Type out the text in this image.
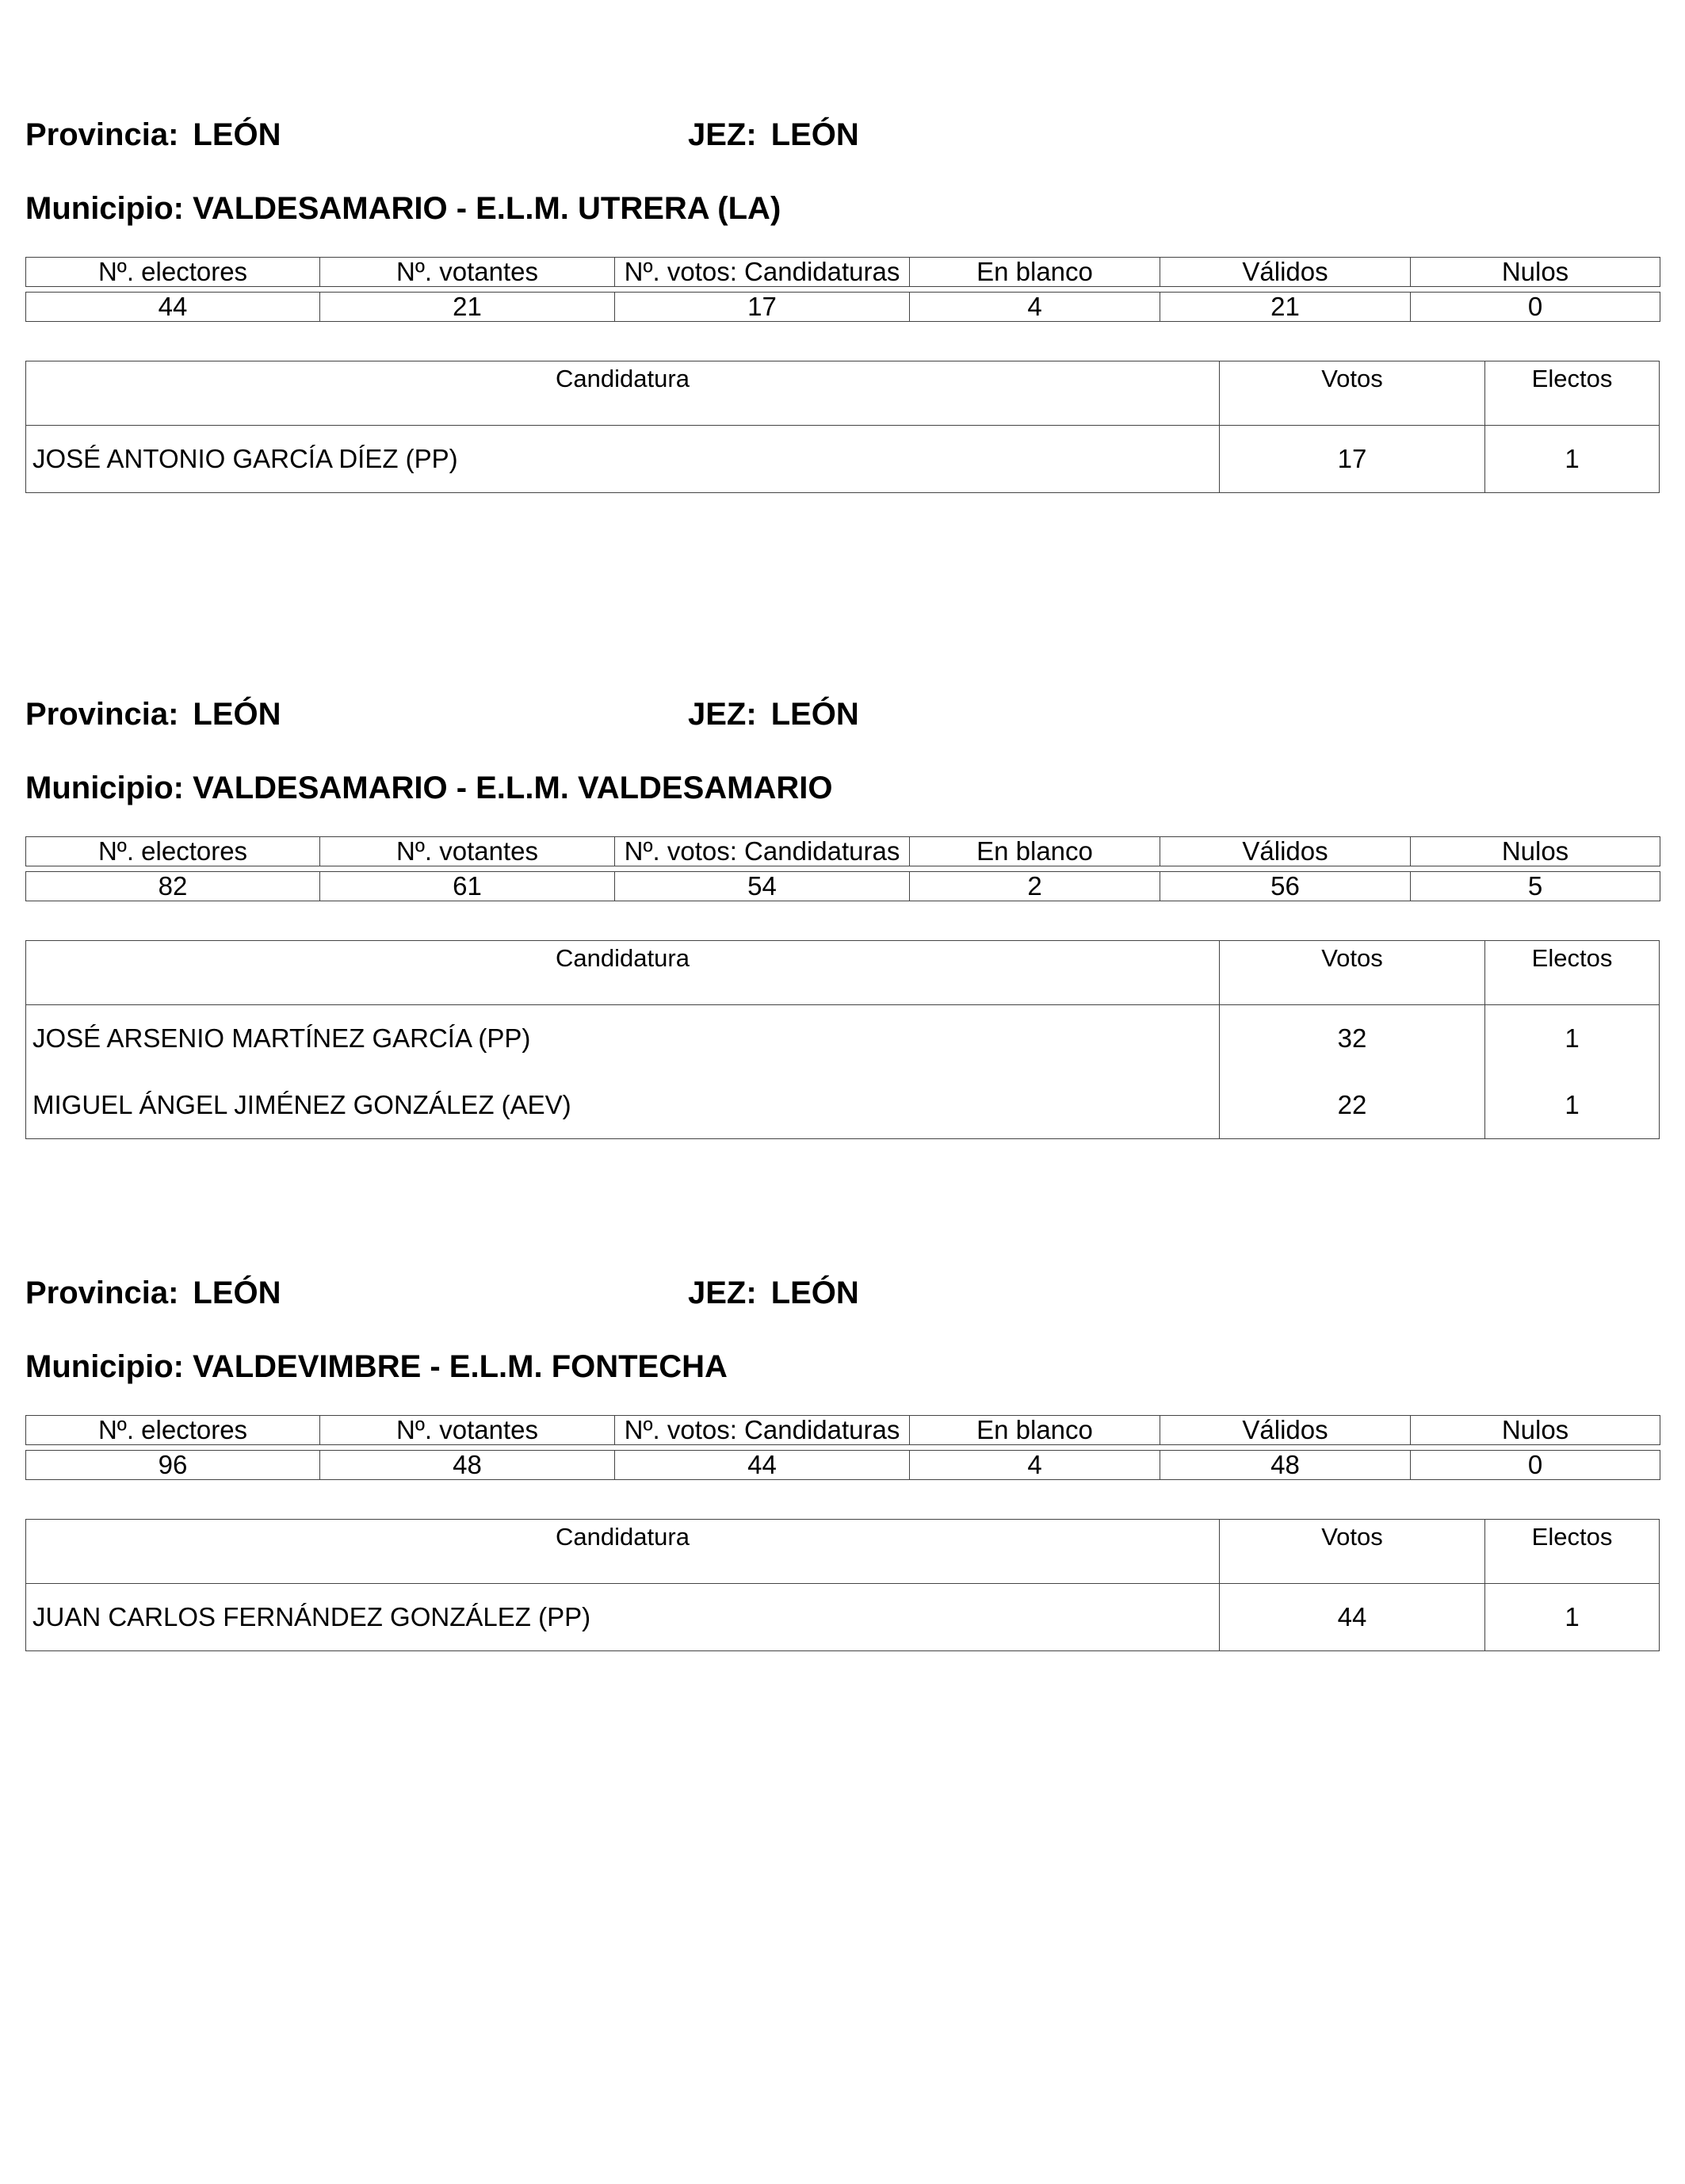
Provincia: LEÓN	JEZ: LEÓN
Municipio: VALDESAMARIO - E.L.M. UTRERA (LA)
Nº. electores	Nº. votantes	Nº. votos: Candidaturas	En blanco	Válidos	Nulos

44	21	17	4	21	0
Candidatura	Votos	Electos
JOSÉ ANTONIO GARCÍA DÍEZ (PP)	17	1
Provincia: LEÓN	JEZ: LEÓN
Municipio: VALDESAMARIO - E.L.M. VALDESAMARIO
Nº. electores	Nº. votantes	Nº. votos: Candidaturas	En blanco	Válidos	Nulos

82	61	54	2	56	5
Candidatura	Votos	Electos
JOSÉ ARSENIO MARTÍNEZ GARCÍA (PP)	32	1
MIGUEL ÁNGEL JIMÉNEZ GONZÁLEZ (AEV)	22	1
Provincia: LEÓN	JEZ: LEÓN
Municipio: VALDEVIMBRE - E.L.M. FONTECHA
Nº. electores	Nº. votantes	Nº. votos: Candidaturas	En blanco	Válidos	Nulos

96	48	44	4	48	0
Candidatura	Votos	Electos
JUAN CARLOS FERNÁNDEZ GONZÁLEZ (PP)	44	1
